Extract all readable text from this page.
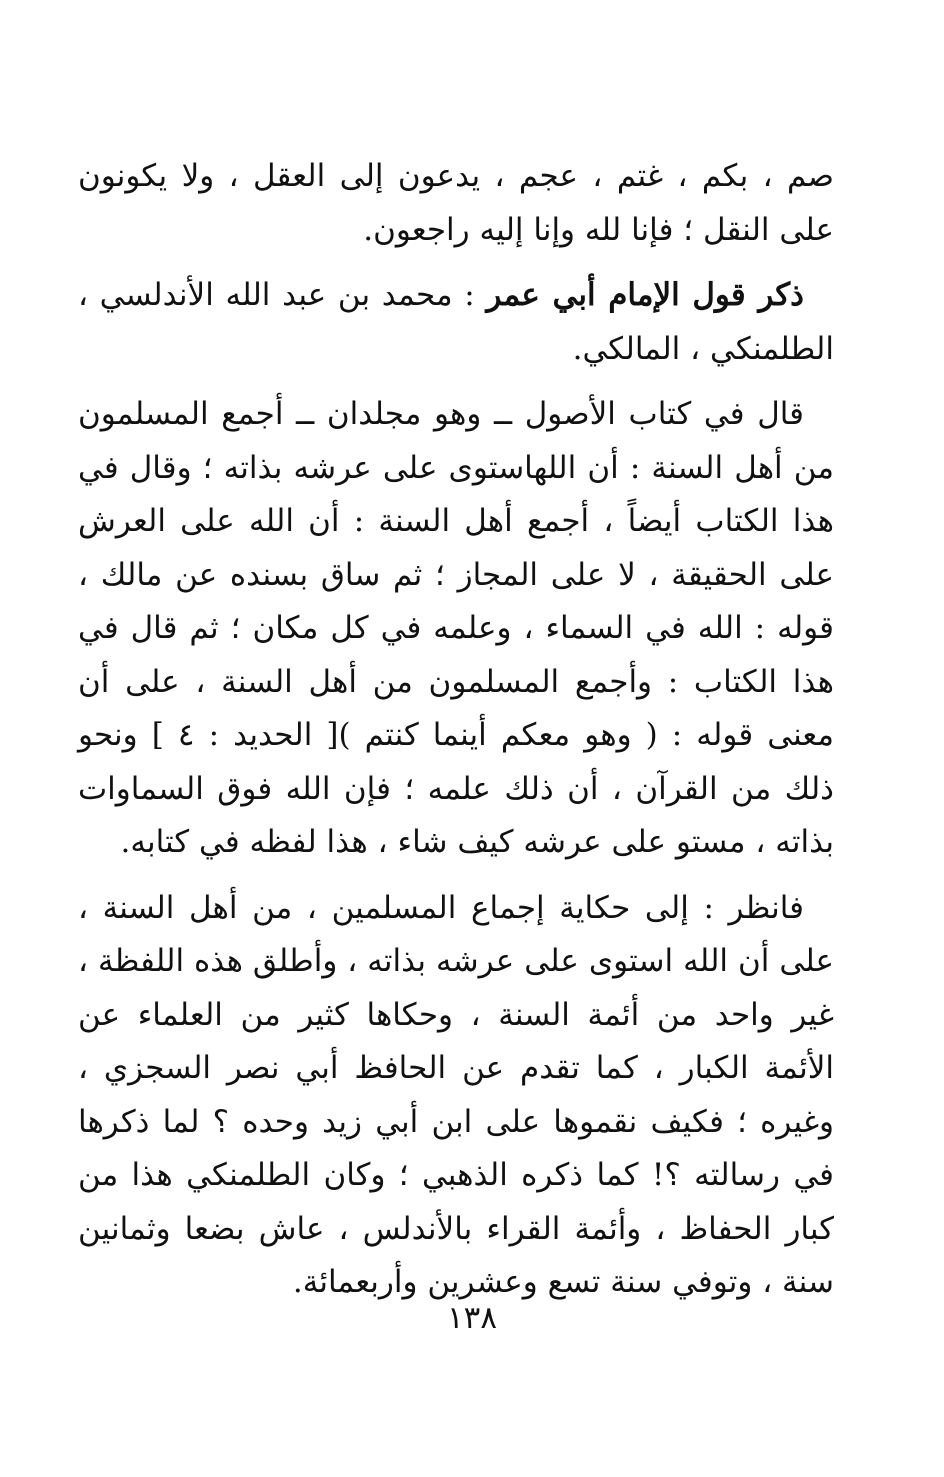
صم ، بكم ، غتم ، عجم ، يدعون إلى العقل ، ولا يكونون على النقل ؛ فإنا لله وإنا إليه راجعون.

ذكر قول الإمام أبي عمر : محمد بن عبد الله الأندلسي ، الطلمنكي ، المالكي.

قال في كتاب الأصول ــ وهو مجلدان ــ أجمع المسلمون من أهل السنة : أن اللهاستوى على عرشه بذاته ؛ وقال في هذا الكتاب أيضاً ، أجمع أهل السنة : أن الله على العرش على الحقيقة ، لا على المجاز ؛ ثم ساق بسنده عن مالك ، قوله : الله في السماء ، وعلمه في كل مكان ؛ ثم قال في هذا الكتاب : وأجمع المسلمون من أهل السنة ، على أن معنى قوله : ( وهو معكم أينما كنتم )[ الحديد : ٤ ] ونحو ذلك من القرآن ، أن ذلك علمه ؛ فإن الله فوق السماوات بذاته ، مستو على عرشه كيف شاء ، هذا لفظه في كتابه.

فانظر : إلى حكاية إجماع المسلمين ، من أهل السنة ، على أن الله استوى على عرشه بذاته ، وأطلق هذه اللفظة ، غير واحد من أئمة السنة ، وحكاها كثير من العلماء عن الأئمة الكبار ، كما تقدم عن الحافظ أبي نصر السجزي ، وغيره ؛ فكيف نقموها على ابن أبي زيد وحده ؟ لما ذكرها في رسالته ؟! كما ذكره الذهبي ؛ وكان الطلمنكي هذا من كبار الحفاظ ، وأئمة القراء بالأندلس ، عاش بضعا وثمانين سنة ، وتوفي سنة تسع وعشرين وأربعمائة.

١٣٨
